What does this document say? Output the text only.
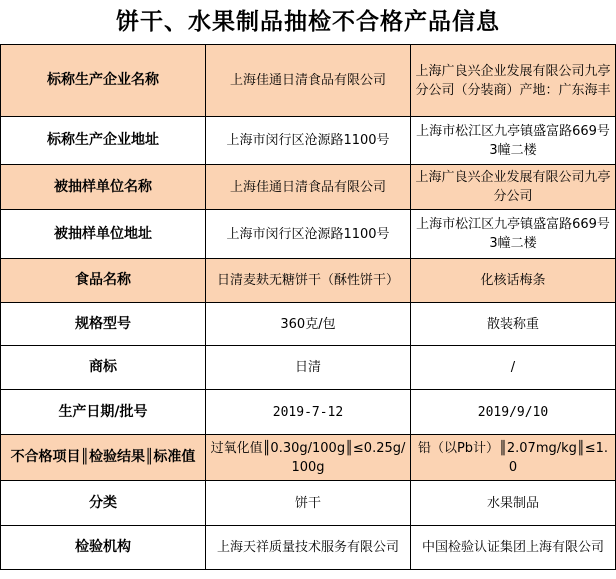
饼干、水果制品抽检不合格产品信息
标称生产企业名称	上海佳通日清食品有限公司	上海广良兴企业发展有限公司九亭分公司（分装商）产地：广东海丰
标称生产企业地址	上海市闵行区沧源路1100号	上海市松江区九亭镇盛富路669号3幢二楼
被抽样单位名称	上海佳通日清食品有限公司	上海广良兴企业发展有限公司九亭分公司
被抽样单位地址	上海市闵行区沧源路1100号	上海市松江区九亭镇盛富路669号3幢二楼
食品名称	日清麦麸无糖饼干（酥性饼干）	化核话梅条
规格型号	360克/包	散装称重
商标	日清	/
生产日期/批号	2019-7-12	2019/9/10
不合格项目║检验结果║标准值	过氧化值║0.30g/100g║≤0.25g/100g	铅（以Pb计）║2.07mg/kg║≤1.0
分类	饼干	水果制品
检验机构	上海天祥质量技术服务有限公司	中国检验认证集团上海有限公司
